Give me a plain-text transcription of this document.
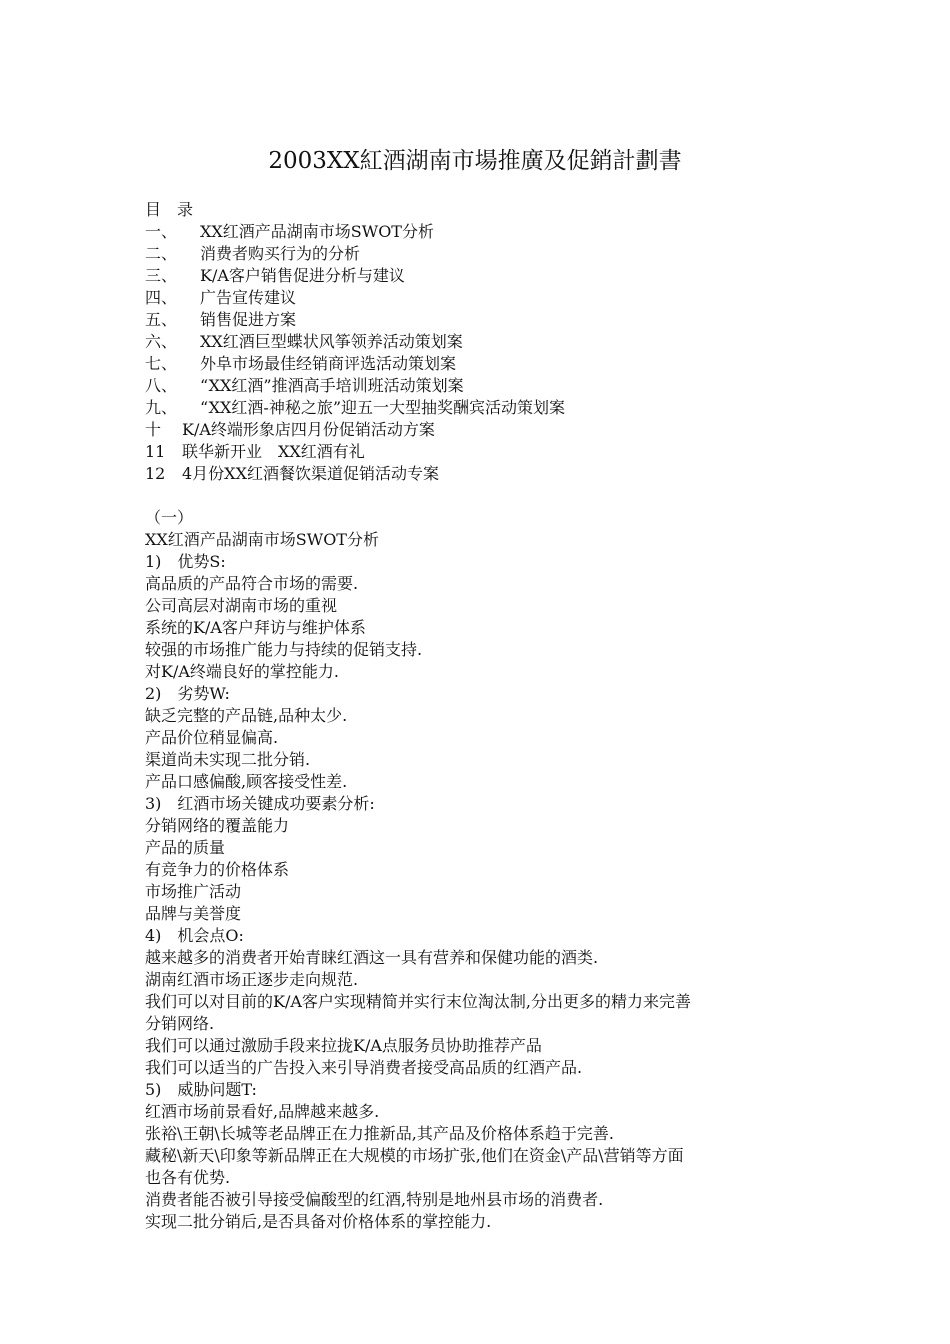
2003XX紅酒湖南市場推廣及促銷計劃書
目　录
一、	XX红酒产品湖南市场SWOT分析
二、	消费者购买行为的分析
三、	K/A客户销售促进分析与建议
四、	广告宣传建议
五、	销售促进方案
六、	XX红酒巨型蝶状风筝领养活动策划案
七、	外阜市场最佳经销商评选活动策划案
八、	“XX红酒”推酒高手培训班活动策划案
九、	“XX红酒-神秘之旅”迎五一大型抽奖酬宾活动策划案
十	K/A终端形象店四月份促销活动方案
11	联华新开业　XX红酒有礼
12	4月份XX红酒餐饮渠道促销活动专案
（一）
XX红酒产品湖南市场SWOT分析
1)　优势S:
高品质的产品符合市场的需要.
公司高层对湖南市场的重视
系统的K/A客户拜访与维护体系
较强的市场推广能力与持续的促销支持.
对K/A终端良好的掌控能力.
2)　劣势W:
缺乏完整的产品链,品种太少.
产品价位稍显偏高.
渠道尚未实现二批分销.
产品口感偏酸,顾客接受性差.
3)　红酒市场关键成功要素分析:
分销网络的覆盖能力
产品的质量
有竞争力的价格体系
市场推广活动
品牌与美誉度
4)　机会点O:
越来越多的消费者开始青睐红酒这一具有营养和保健功能的酒类.
湖南红酒市场正逐步走向规范.
我们可以对目前的K/A客户实现精简并实行末位淘汰制,分出更多的精力来完善
分销网络.
我们可以通过激励手段来拉拢K/A点服务员协助推荐产品
我们可以适当的广告投入来引导消费者接受高品质的红酒产品.
5)　威胁问题T:
红酒市场前景看好,品牌越来越多.
张裕\王朝\长城等老品牌正在力推新品,其产品及价格体系趋于完善.
藏秘\新天\印象等新品牌正在大规模的市场扩张,他们在资金\产品\营销等方面
也各有优势.
消费者能否被引导接受偏酸型的红酒,特别是地州县市场的消费者.
实现二批分销后,是否具备对价格体系的掌控能力.
